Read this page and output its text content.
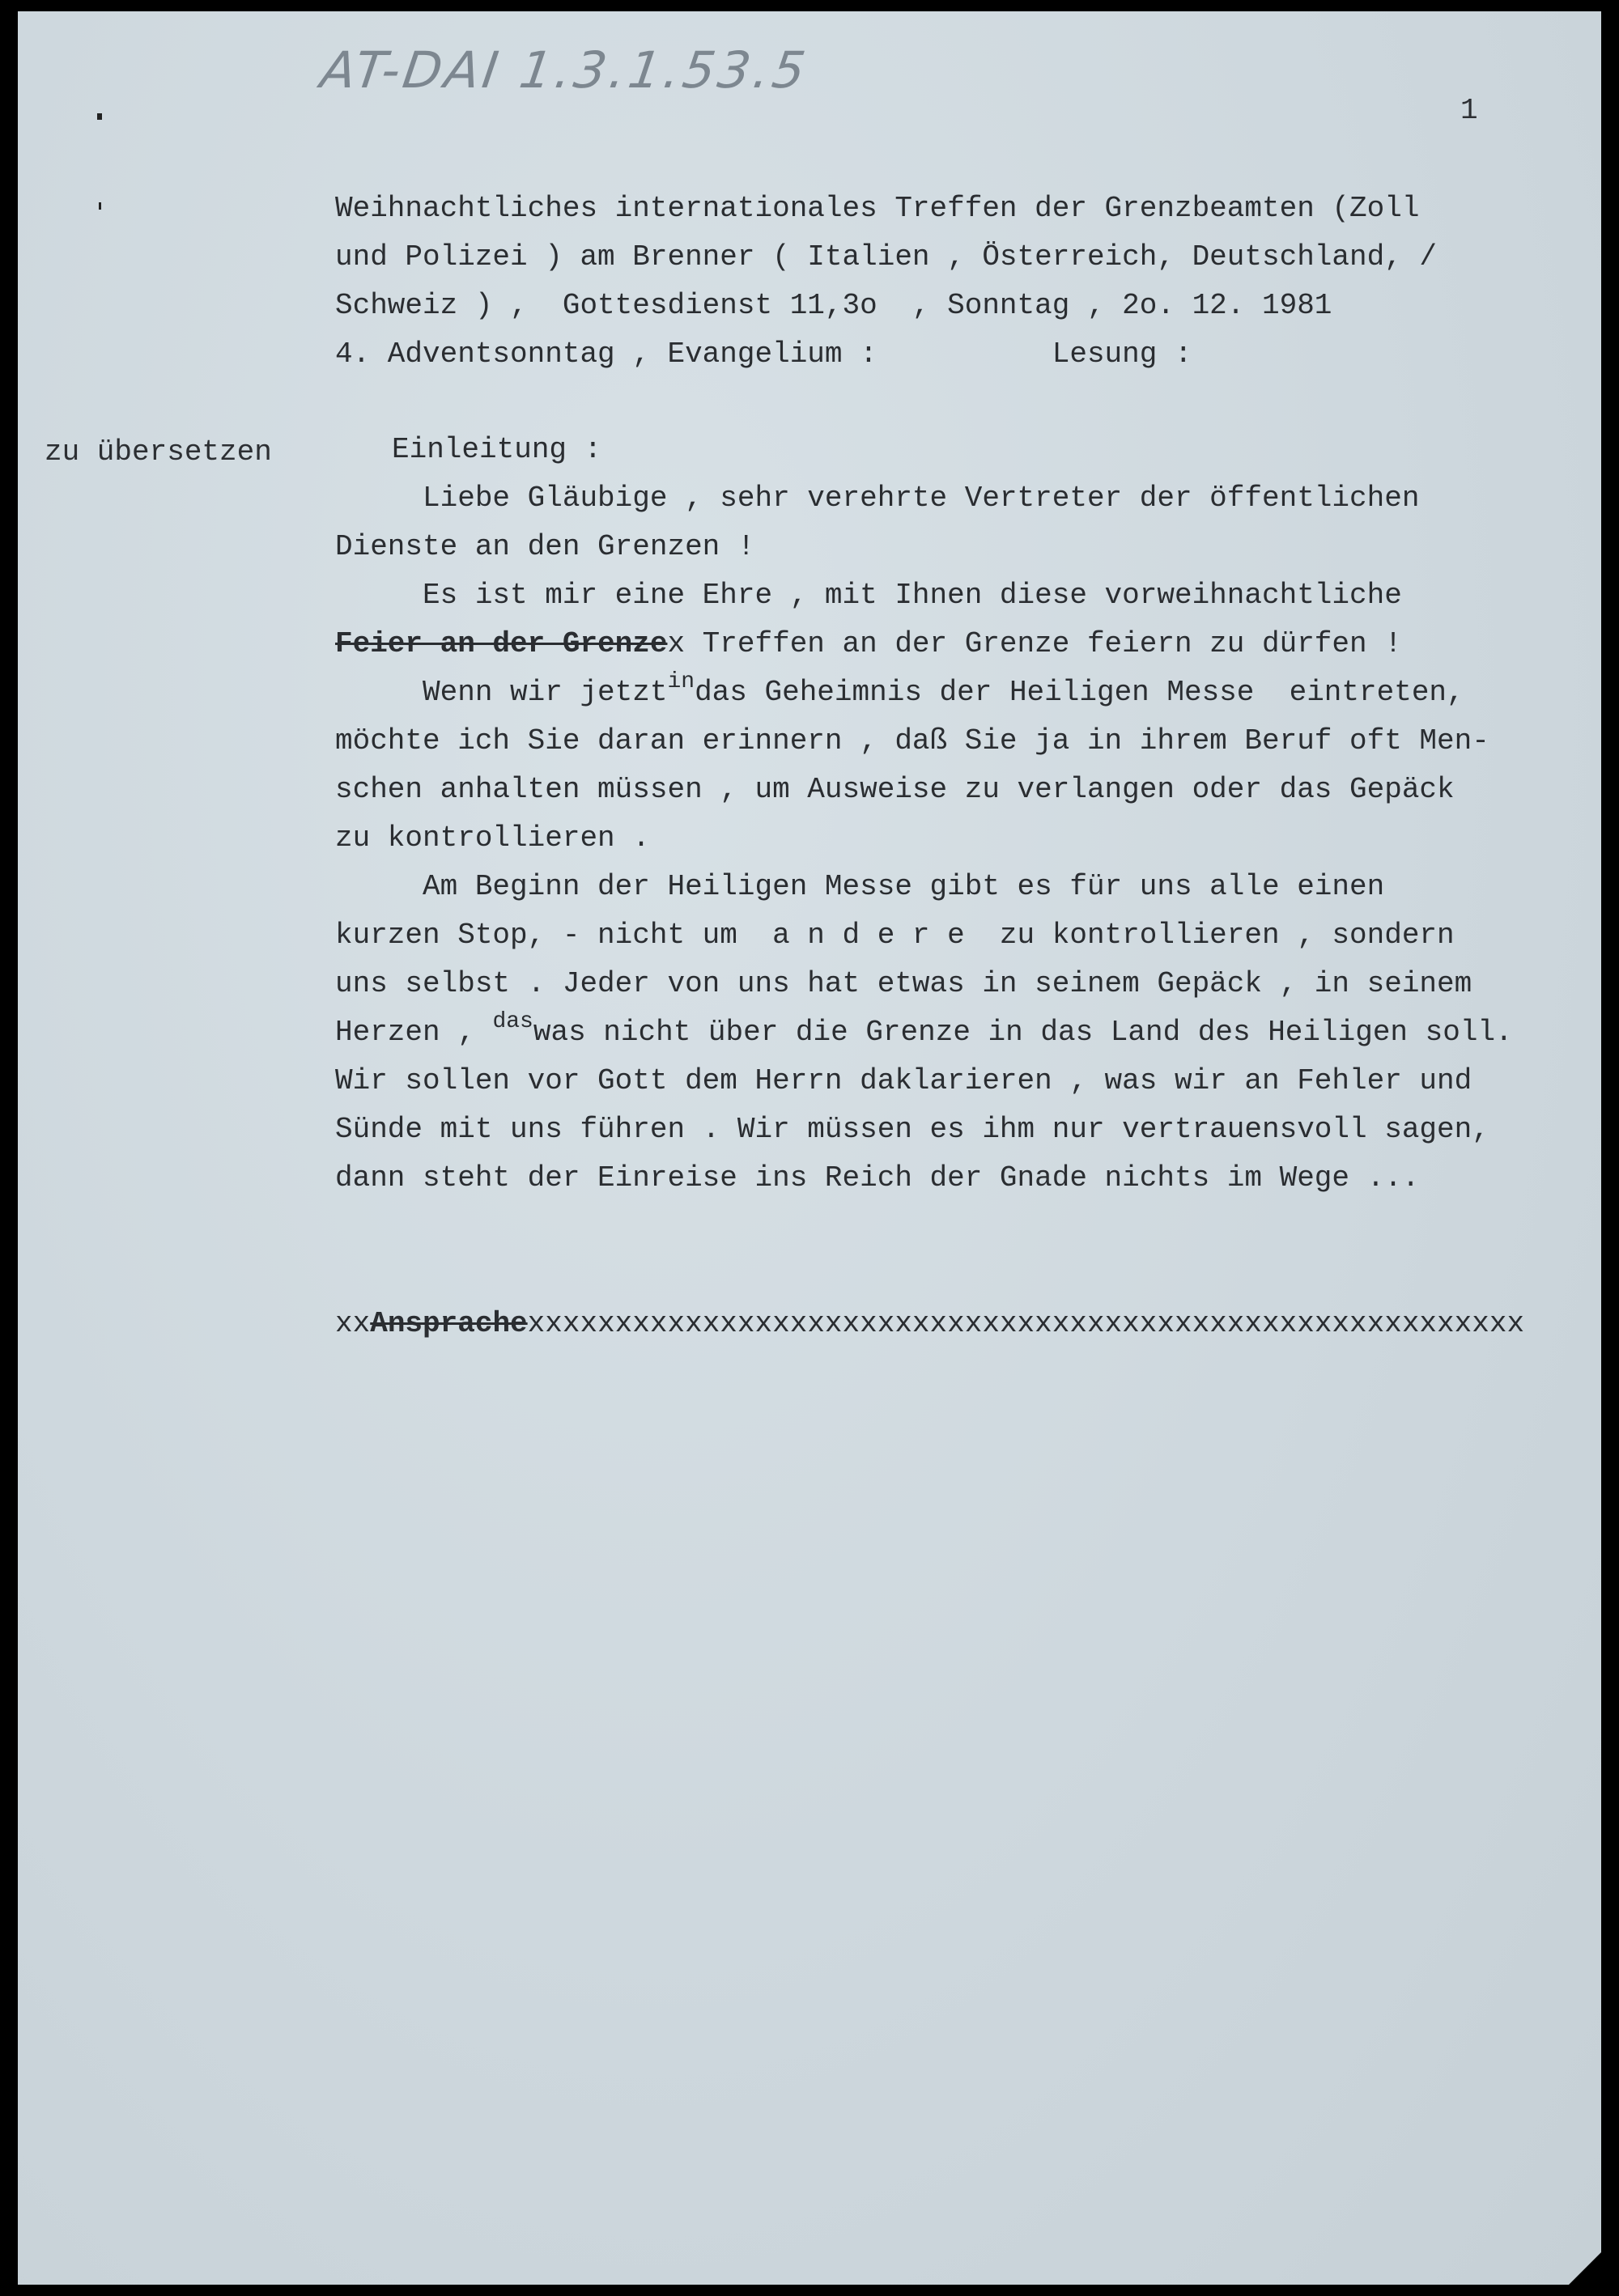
AT-DAI 1.3.1.53.5
1
zu übersetzen

Weihnachtliches internationales Treffen der Grenzbeamten (Zoll

und Polizei ) am Brenner ( Italien , Österreich, Deutschland, /

Schweiz ) ,  Gottesdienst 11,3o  , Sonntag , 2o. 12. 1981

4. Adventsonntag , Evangelium :          Lesung :

Einleitung :

Liebe Gläubige , sehr verehrte Vertreter der öffentlichen

Dienste an den Grenzen !

Es ist mir eine Ehre , mit Ihnen diese vorweihnachtliche

Feier an der Grenzex Treffen an der Grenze feiern zu dürfen !

Wenn wir jetzt$^{in}$das Geheimnis der Heiligen Messe  eintreten,

möchte ich Sie daran erinnern , daß Sie ja in ihrem Beruf oft Men-

schen anhalten müssen , um Ausweise zu verlangen oder das Gepäck

zu kontrollieren .

Am Beginn der Heiligen Messe gibt es für uns alle einen

kurzen Stop, - nicht um  a n d e r e  zu kontrollieren , sondern

uns selbst . Jeder von uns hat etwas in seinem Gepäck , in seinem

Herzen , $^{das}$was nicht über die Grenze in das Land des Heiligen soll.

Wir sollen vor Gott dem Herrn daklarieren , was wir an Fehler und

Sünde mit uns führen . Wir müssen es ihm nur vertrauensvoll sagen,

dann steht der Einreise ins Reich der Gnade nichts im Wege ...

xxAnsprachexxxxxxxxxxxxxxxxxxxxxxxxxxxxxxxxxxxxxxxxxxxxxxxxxxxxxxxxx
